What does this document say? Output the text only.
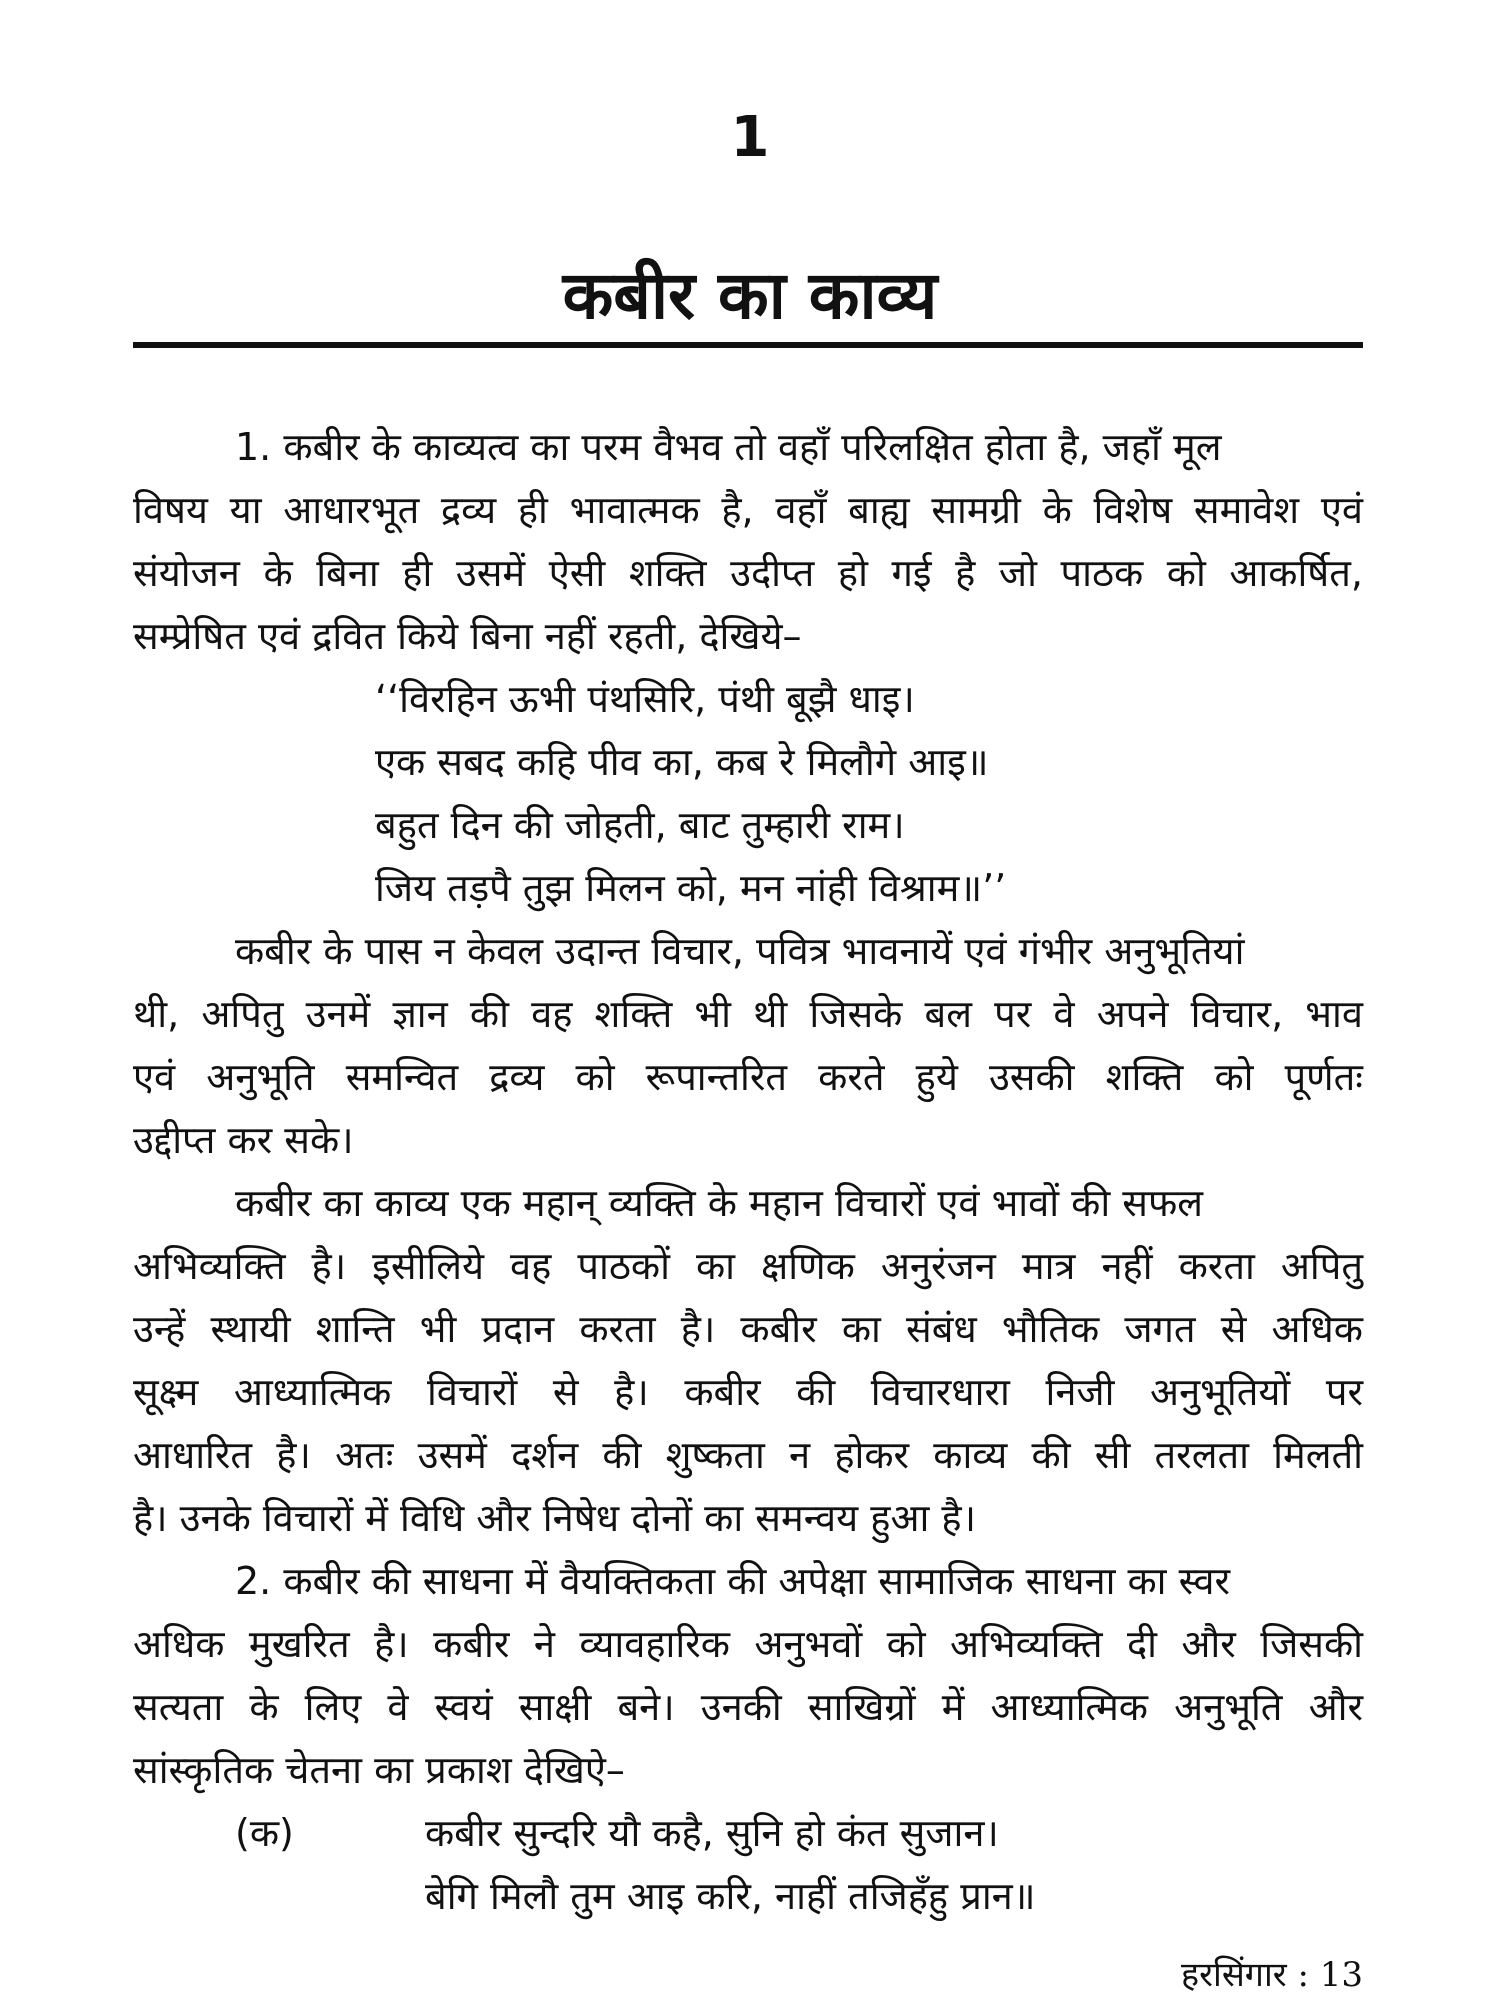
1
कबीर का काव्य
1. कबीर के काव्यत्व का परम वैभव तो वहाँ परिलक्षित होता है, जहाँ मूल
विषय या आधारभूत द्रव्य ही भावात्मक है, वहाँ बाह्य सामग्री के विशेष समावेश एवं
संयोजन के बिना ही उसमें ऐसी शक्ति उदीप्त हो गई है जो पाठक को आकर्षित,
सम्प्रेषित एवं द्रवित किये बिना नहीं रहती, देखिये–
‘‘विरहिन ऊभी पंथसिरि, पंथी बूझै धाइ।
एक सबद कहि पीव का, कब रे मिलौगे आइ॥
बहुत दिन की जोहती, बाट तुम्हारी राम।
जिय तड़पै तुझ मिलन को, मन नांही विश्राम॥’’
कबीर के पास न केवल उदान्त विचार, पवित्र भावनायें एवं गंभीर अनुभूतियां
थी, अपितु उनमें ज्ञान की वह शक्ति भी थी जिसके बल पर वे अपने विचार, भाव
एवं अनुभूति समन्वित द्रव्य को रूपान्तरित करते हुये उसकी शक्ति को पूर्णतः
उद्दीप्त कर सके।
कबीर का काव्य एक महान् व्यक्ति के महान विचारों एवं भावों की सफल
अभिव्यक्ति है। इसीलिये वह पाठकों का क्षणिक अनुरंजन मात्र नहीं करता अपितु
उन्हें स्थायी शान्ति भी प्रदान करता है। कबीर का संबंध भौतिक जगत से अधिक
सूक्ष्म आध्यात्मिक विचारों से है। कबीर की विचारधारा निजी अनुभूतियों पर
आधारित है। अतः उसमें दर्शन की शुष्कता न होकर काव्य की सी तरलता मिलती
है। उनके विचारों में विधि और निषेध दोनों का समन्वय हुआ है।
2. कबीर की साधना में वैयक्तिकता की अपेक्षा सामाजिक साधना का स्वर
अधिक मुखरित है। कबीर ने व्यावहारिक अनुभवों को अभिव्यक्ति दी और जिसकी
सत्यता के लिए वे स्वयं साक्षी बने। उनकी साखिग्रों में आध्यात्मिक अनुभूति और
सांस्कृतिक चेतना का प्रकाश देखिऐ–
(क)	कबीर सुन्दरि यौ कहै, सुनि हो कंत सुजान।
बेगि मिलौ तुम आइ करि, नाहीं तजिहँहु प्रान॥
हरसिंगार : 13
